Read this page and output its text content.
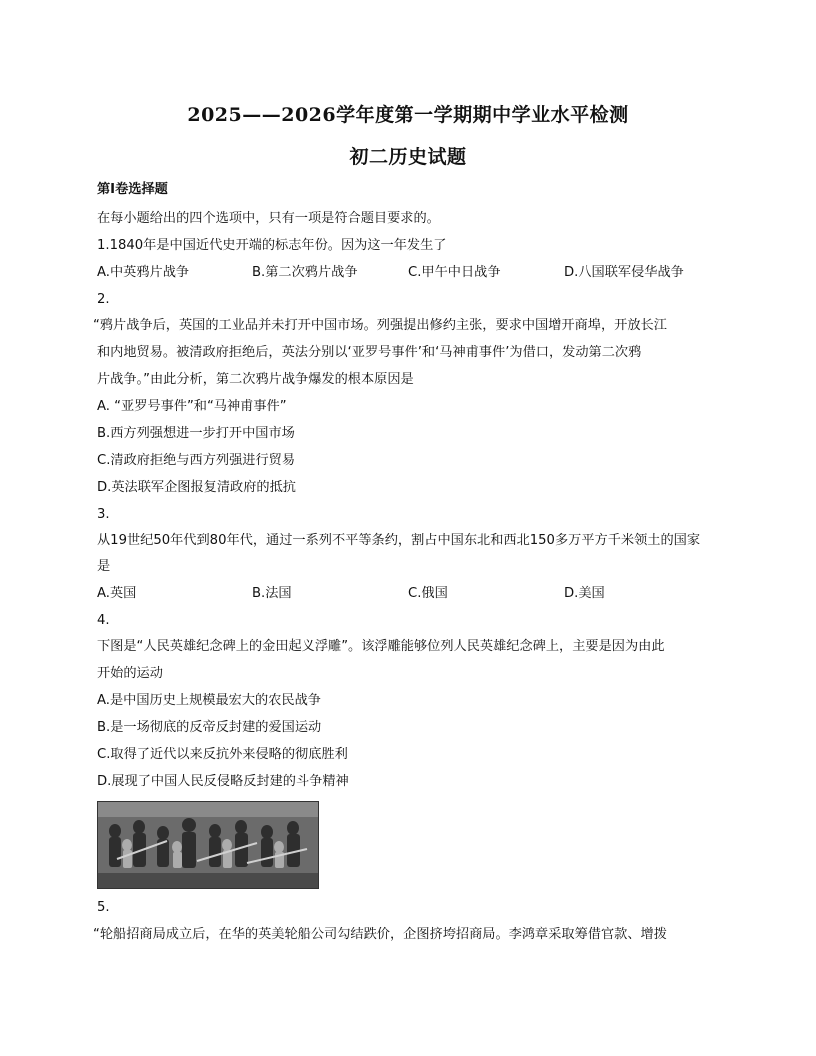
2025——2026学年度第一学期期中学业水平检测
初二历史试题
第Ⅰ卷选择题
在每小题给出的四个选项中，只有一项是符合题目要求的。
1.1840年是中国近代史开端的标志年份。因为这一年发生了
A.中英鸦片战争	B.第二次鸦片战争	C.甲午中日战争	D.八国联军侵华战争
2.
“鸦片战争后，英国的工业品并未打开中国市场。列强提出修约主张，要求中国增开商埠，开放长江
和内地贸易。被清政府拒绝后，英法分别以‘亚罗号事件’和‘马神甫事件’为借口，发动第二次鸦
片战争。”由此分析，第二次鸦片战争爆发的根本原因是
A. “亚罗号事件”和“马神甫事件”
B.西方列强想进一步打开中国市场
C.清政府拒绝与西方列强进行贸易
D.英法联军企图报复清政府的抵抗
3.
从19世纪50年代到80年代，通过一系列不平等条约，割占中国东北和西北150多万平方千米领土的国家
是
A.英国	B.法国	C.俄国	D.美国
4.
下图是“人民英雄纪念碑上的金田起义浮雕”。该浮雕能够位列人民英雄纪念碑上，主要是因为由此
开始的运动
A.是中国历史上规模最宏大的农民战争
B.是一场彻底的反帝反封建的爱国运动
C.取得了近代以来反抗外来侵略的彻底胜利
D.展现了中国人民反侵略反封建的斗争精神
5.
“轮船招商局成立后，在华的英美轮船公司勾结跌价，企图挤垮招商局。李鸿章采取筹借官款、增拨
